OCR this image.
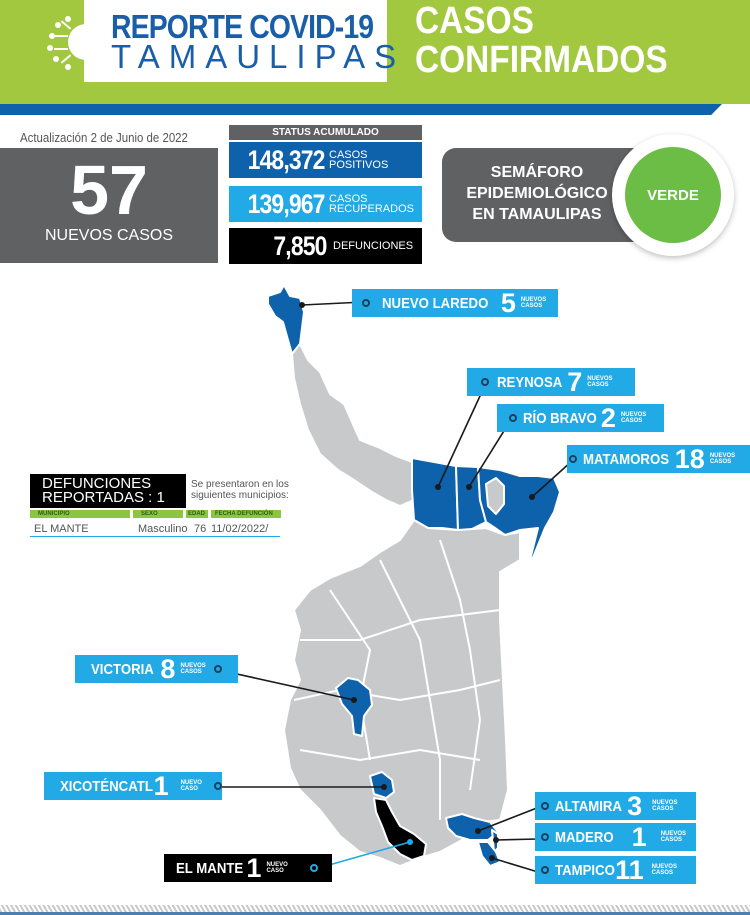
REPORTE COVID-19
TAMAULIPAS
CASOS
CONFIRMADOS
Actualización 2 de Junio de 2022
57
NUEVOS CASOS
STATUS ACUMULADO
148,372 CASOS
POSITIVOS
139,967 CASOS
RECUPERADOS
7,850 DEFUNCIONES
SEMÁFORO
EPIDEMIOLÓGICO
EN TAMAULIPAS
VERDE
NUEVO LAREDO 5 NUEVOS
CASOS
REYNOSA 7 NUEVOS
CASOS
RÍO BRAVO 2 NUEVOS
CASOS
MATAMOROS 18 NUEVOS
CASOS
VICTORIA 8 NUEVOS
CASOS
XICOTÉNCATL 1 NUEVO
CASO
EL MANTE 1 NUEVO
CASO
ALTAMIRA 3 NUEVOS
CASOS
MADERO 1 NUEVOS
CASOS
TAMPICO 11 NUEVOS
CASOS
DEFUNCIONES
REPORTADAS : 1
Se presentaron en los
siguientes municipios:
MUNICIPIO	SEXO	EDAD	FECHA DEFUNCIÓN
EL MANTE	Masculino 76 11/02/2022/
